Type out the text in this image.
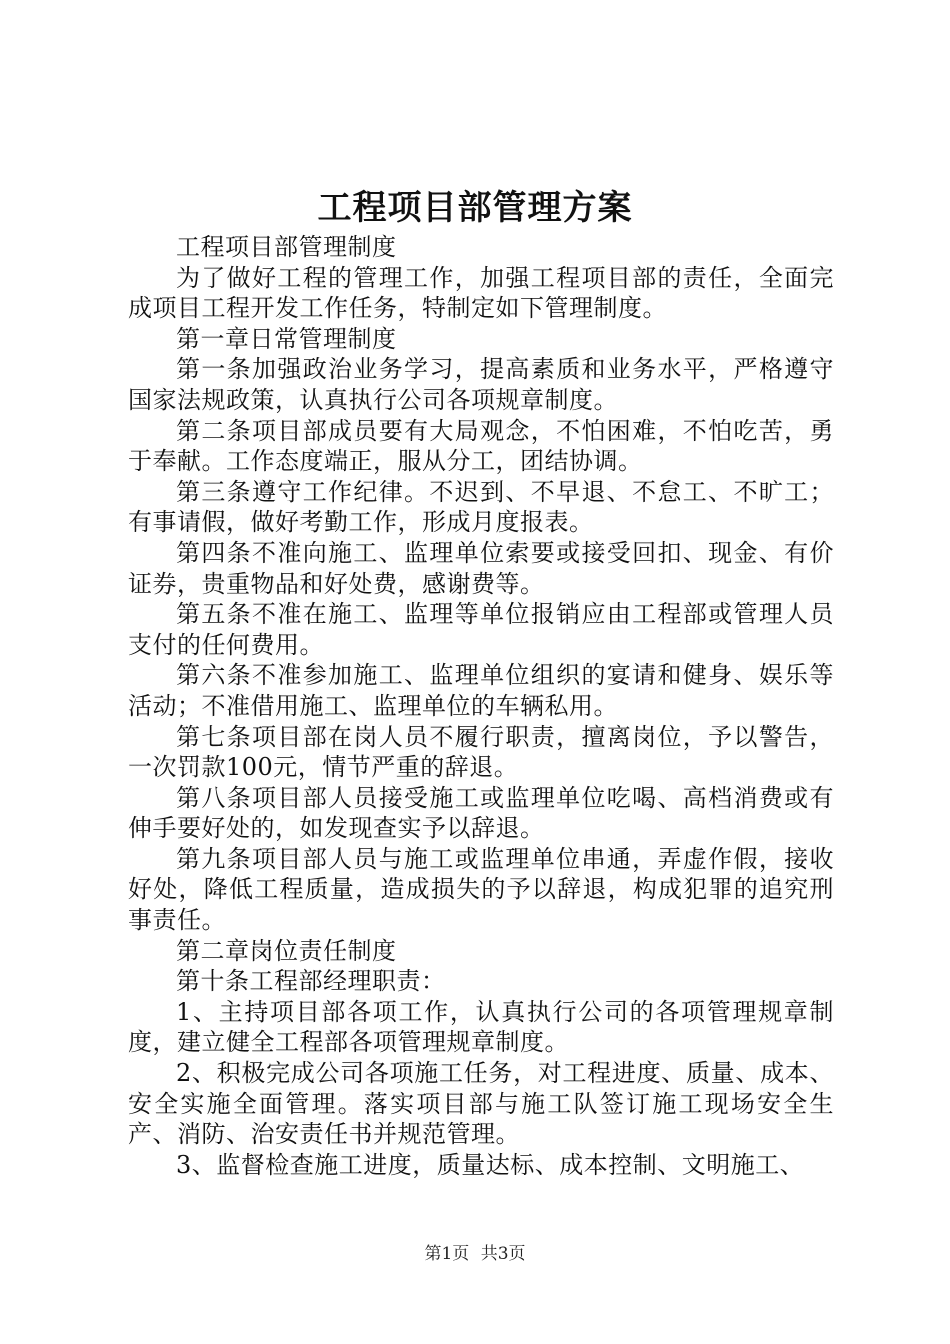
工程项目部管理方案

工程项目部管理制度

为了做好工程的管理工作，加强工程项目部的责任，全面完成项目工程开发工作任务，特制定如下管理制度。

第一章日常管理制度

第一条加强政治业务学习，提高素质和业务水平，严格遵守国家法规政策，认真执行公司各项规章制度。

第二条项目部成员要有大局观念，不怕困难，不怕吃苦，勇于奉献。工作态度端正，服从分工，团结协调。

第三条遵守工作纪律。不迟到、不早退、不怠工、不旷工；有事请假，做好考勤工作，形成月度报表。

第四条不准向施工、监理单位索要或接受回扣、现金、有价证券，贵重物品和好处费，感谢费等。

第五条不准在施工、监理等单位报销应由工程部或管理人员支付的任何费用。

第六条不准参加施工、监理单位组织的宴请和健身、娱乐等活动；不准借用施工、监理单位的车辆私用。

第七条项目部在岗人员不履行职责，擅离岗位，予以警告，一次罚款100元，情节严重的辞退。

第八条项目部人员接受施工或监理单位吃喝、高档消费或有伸手要好处的，如发现查实予以辞退。

第九条项目部人员与施工或监理单位串通，弄虚作假，接收好处，降低工程质量，造成损失的予以辞退，构成犯罪的追究刑事责任。

第二章岗位责任制度

第十条工程部经理职责：

1、主持项目部各项工作，认真执行公司的各项管理规章制度，建立健全工程部各项管理规章制度。

2、积极完成公司各项施工任务，对工程进度、质量、成本、安全实施全面管理。落实项目部与施工队签订施工现场安全生产、消防、治安责任书并规范管理。

3、监督检查施工进度，质量达标、成本控制、文明施工、

第1页 共3页
